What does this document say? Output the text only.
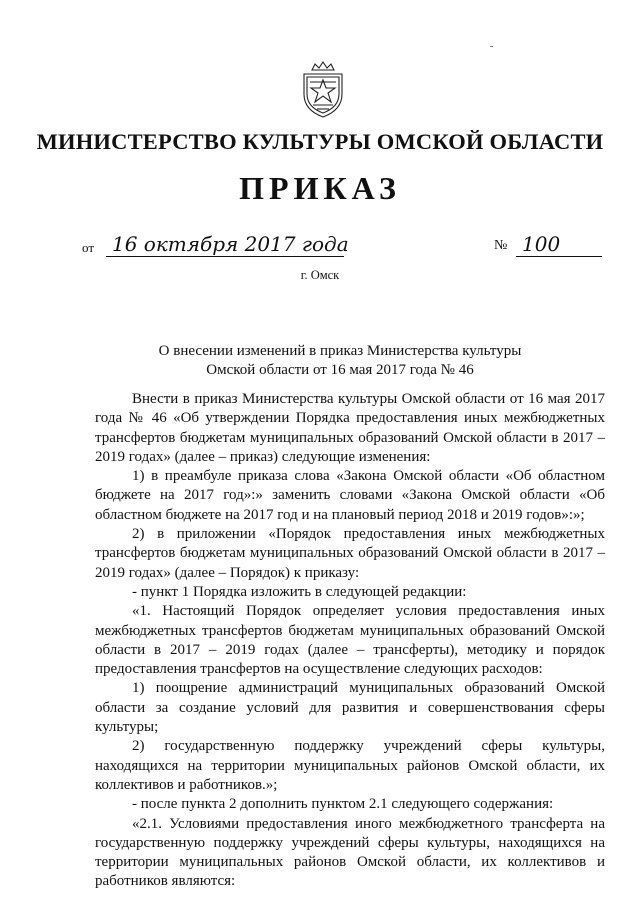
МИНИСТЕРСТВО КУЛЬТУРЫ ОМСКОЙ ОБЛАСТИ
ПРИКАЗ
от 16 октября 2017 года	№ 100
г. Омск
О внесении изменений в приказ Министерства культуры
Омской области от 16 мая 2017 года № 46

Внести в приказ Министерства культуры Омской области от 16 мая 2017 года № 46 «Об утверждении Порядка предоставления иных межбюджетных трансфертов бюджетам муниципальных образований Омской области в 2017 – 2019 годах» (далее – приказ) следующие изменения:

1) в преамбуле приказа слова «Закона Омской области «Об областном бюджете на 2017 год»:» заменить словами «Закона Омской области «Об областном бюджете на 2017 год и на плановый период 2018 и 2019 годов»:»;

2) в приложении «Порядок предоставления иных межбюджетных трансфертов бюджетам муниципальных образований Омской области в 2017 – 2019 годах» (далее – Порядок) к приказу:

- пункт 1 Порядка изложить в следующей редакции:

«1. Настоящий Порядок определяет условия предоставления иных межбюджетных трансфертов бюджетам муниципальных образований Омской области в 2017 – 2019 годах (далее – трансферты), методику и порядок предоставления трансфертов на осуществление следующих расходов:

1) поощрение администраций муниципальных образований Омской области за создание условий для развития и совершенствования сферы культуры;

2) государственную поддержку учреждений сферы культуры, находящихся на территории муниципальных районов Омской области, их коллективов и работников.»;

- после пункта 2 дополнить пунктом 2.1 следующего содержания:

«2.1. Условиями предоставления иного межбюджетного трансферта на государственную поддержку учреждений сферы культуры, находящихся на территории муниципальных районов Омской области, их коллективов и работников являются:
